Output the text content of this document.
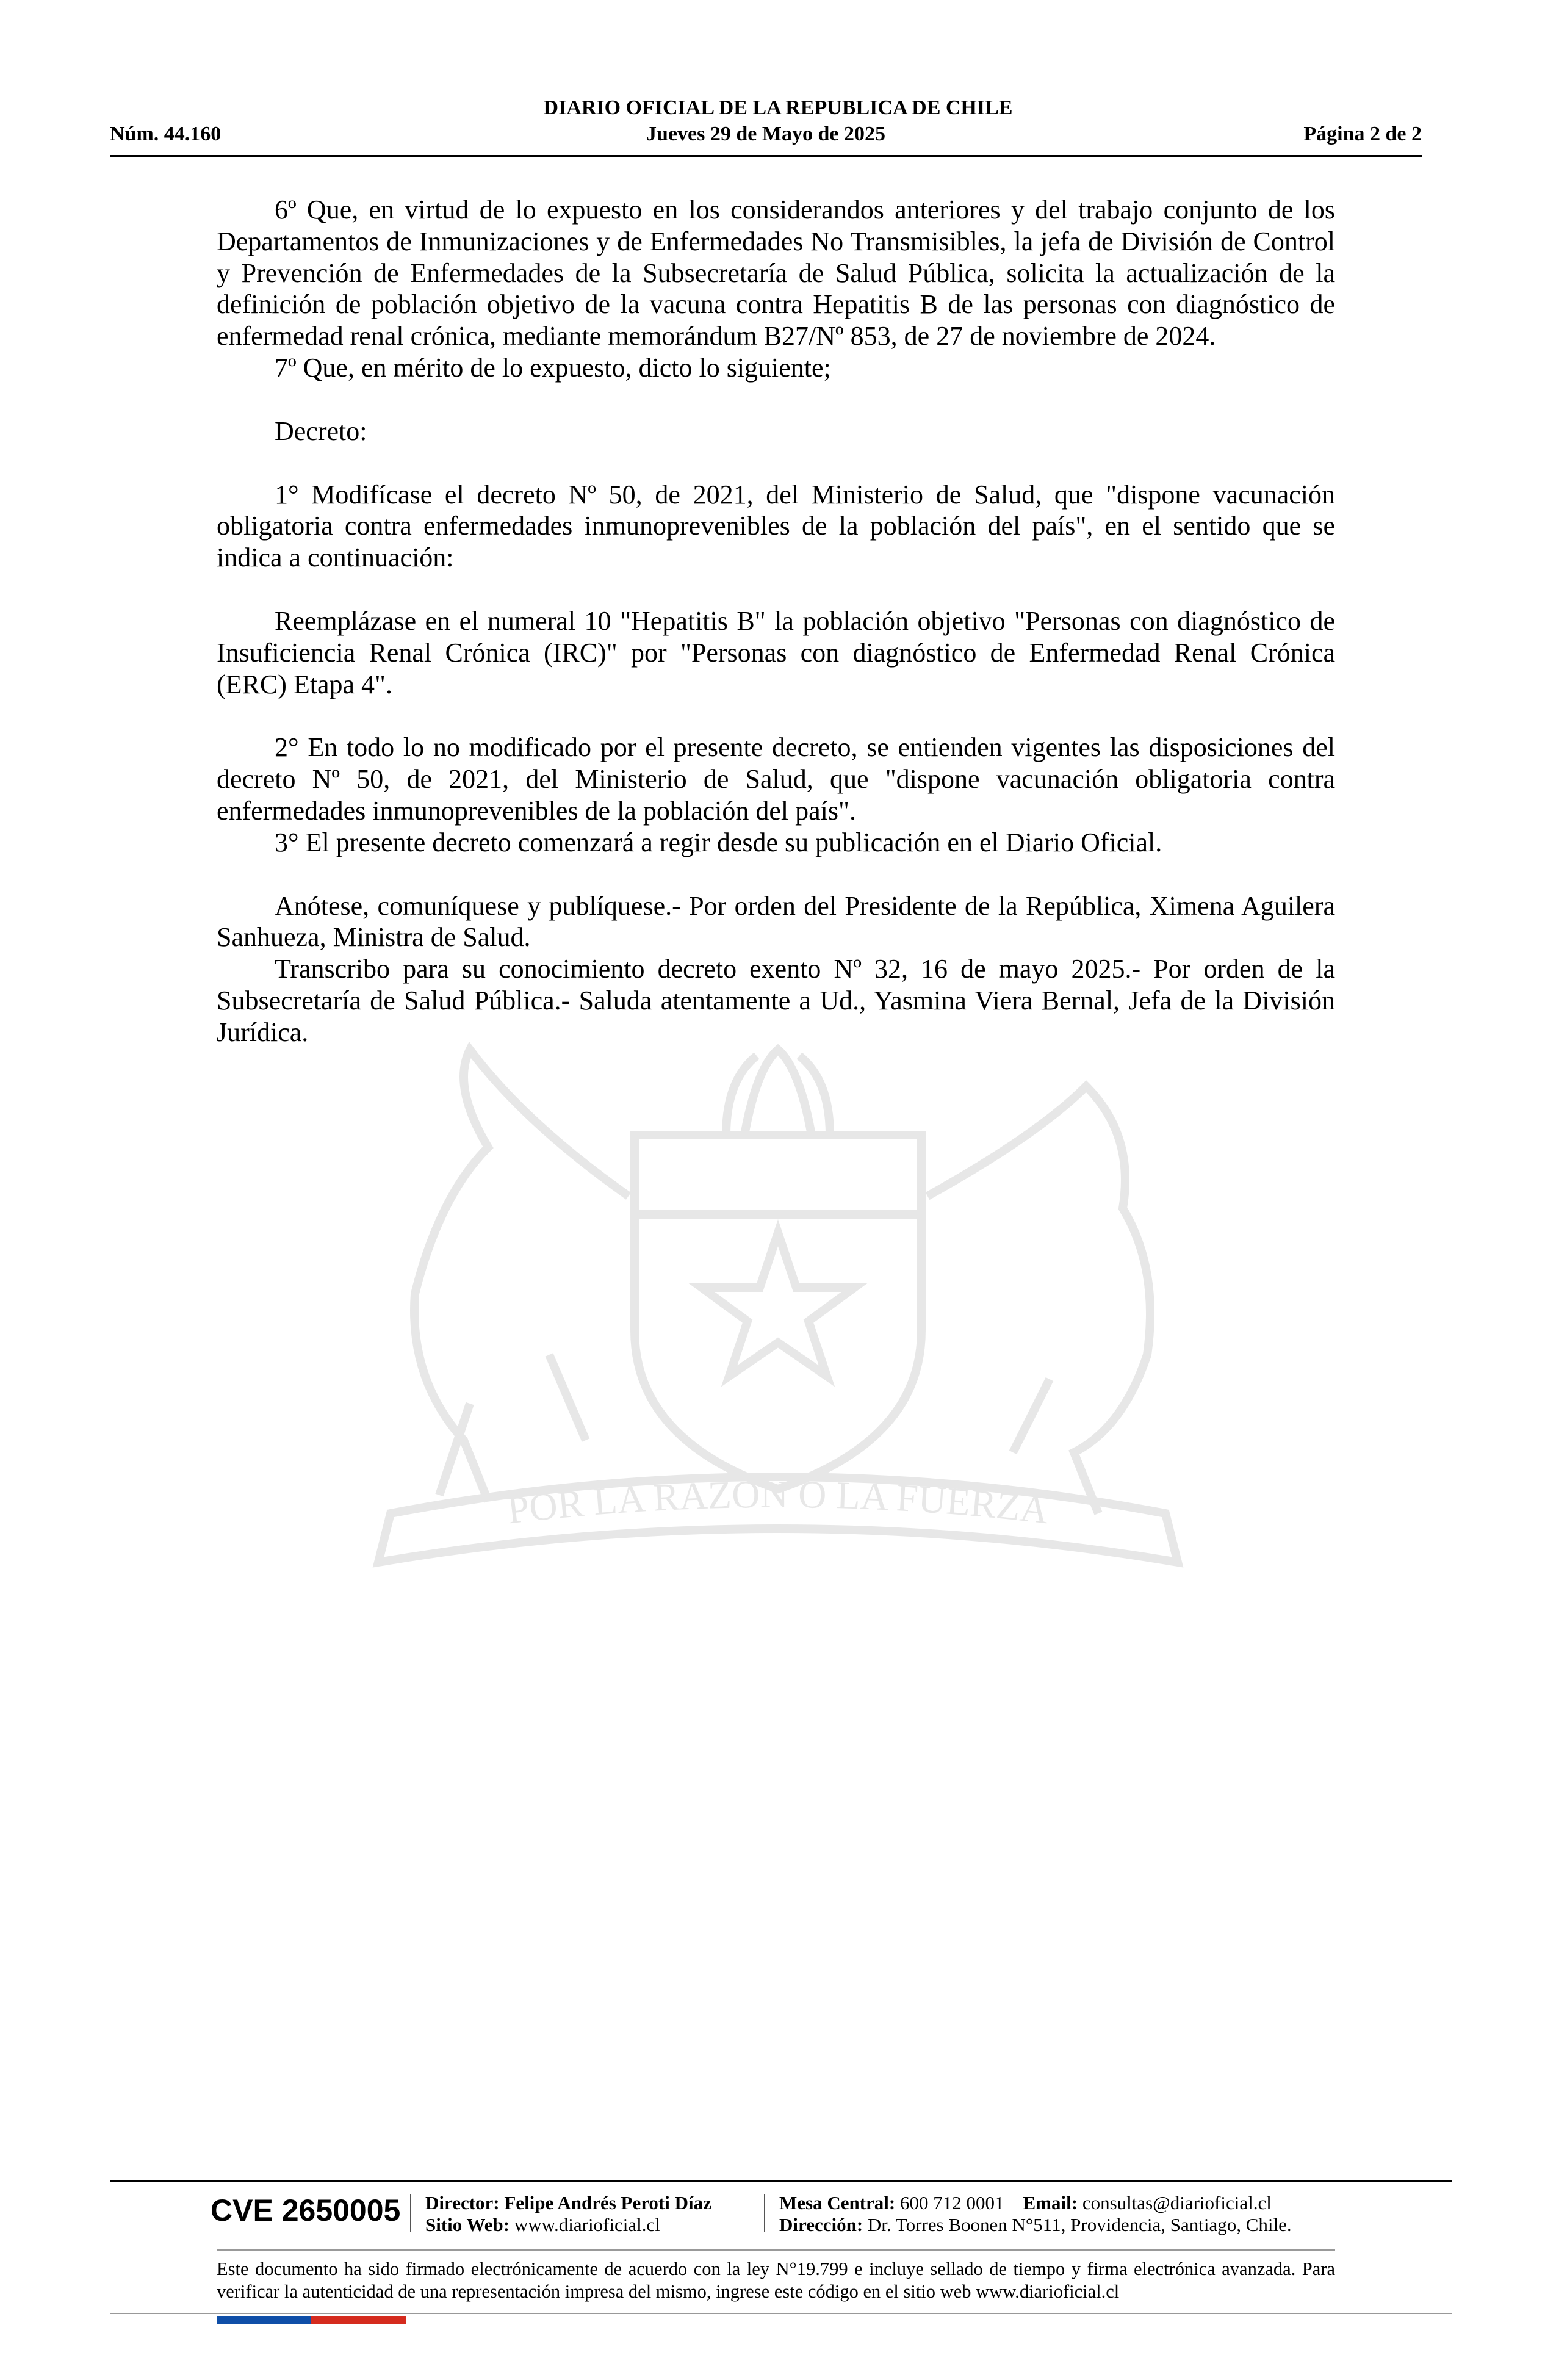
DIARIO OFICIAL DE LA REPUBLICA DE CHILE
Núm. 44.160	Jueves 29 de Mayo de 2025	Página 2 de 2
POR LA RAZON O LA FUERZA

6º Que, en virtud de lo expuesto en los considerandos anteriores y del trabajo conjunto de los Departamentos de Inmunizaciones y de Enfermedades No Transmisibles, la jefa de División de Control y Prevención de Enfermedades de la Subsecretaría de Salud Pública, solicita la actualización de la definición de población objetivo de la vacuna contra Hepatitis B de las personas con diagnóstico de enfermedad renal crónica, mediante memorándum B27/Nº 853, de 27 de noviembre de 2024.

7º Que, en mérito de lo expuesto, dicto lo siguiente;

Decreto:

1° Modifícase el decreto Nº 50, de 2021, del Ministerio de Salud, que "dispone vacunación obligatoria contra enfermedades inmunoprevenibles de la población del país", en el sentido que se indica a continuación:

Reemplázase en el numeral 10 "Hepatitis B" la población objetivo "Personas con diagnóstico de Insuficiencia Renal Crónica (IRC)" por "Personas con diagnóstico de Enfermedad Renal Crónica (ERC) Etapa 4".

2° En todo lo no modificado por el presente decreto, se entienden vigentes las disposiciones del decreto Nº 50, de 2021, del Ministerio de Salud, que "dispone vacunación obligatoria contra enfermedades inmunoprevenibles de la población del país".

3° El presente decreto comenzará a regir desde su publicación en el Diario Oficial.

Anótese, comuníquese y publíquese.- Por orden del Presidente de la República, Ximena Aguilera Sanhueza, Ministra de Salud.

Transcribo para su conocimiento decreto exento Nº 32, 16 de mayo 2025.- Por orden de la Subsecretaría de Salud Pública.- Saluda atentamente a Ud., Yasmina Viera Bernal, Jefa de la División Jurídica.

CVE 2650005 Director: Felipe Andrés Peroti Díaz
Sitio Web: www.diarioficial.cl
Mesa Central: 600 712 0001 Email: consultas@diarioficial.cl
Dirección: Dr. Torres Boonen N°511, Providencia, Santiago, Chile.
Este documento ha sido firmado electrónicamente de acuerdo con la ley N°19.799 e incluye sellado de tiempo y firma electrónica avanzada. Para verificar la autenticidad de una representación impresa del mismo, ingrese este código en el sitio web www.diarioficial.cl
